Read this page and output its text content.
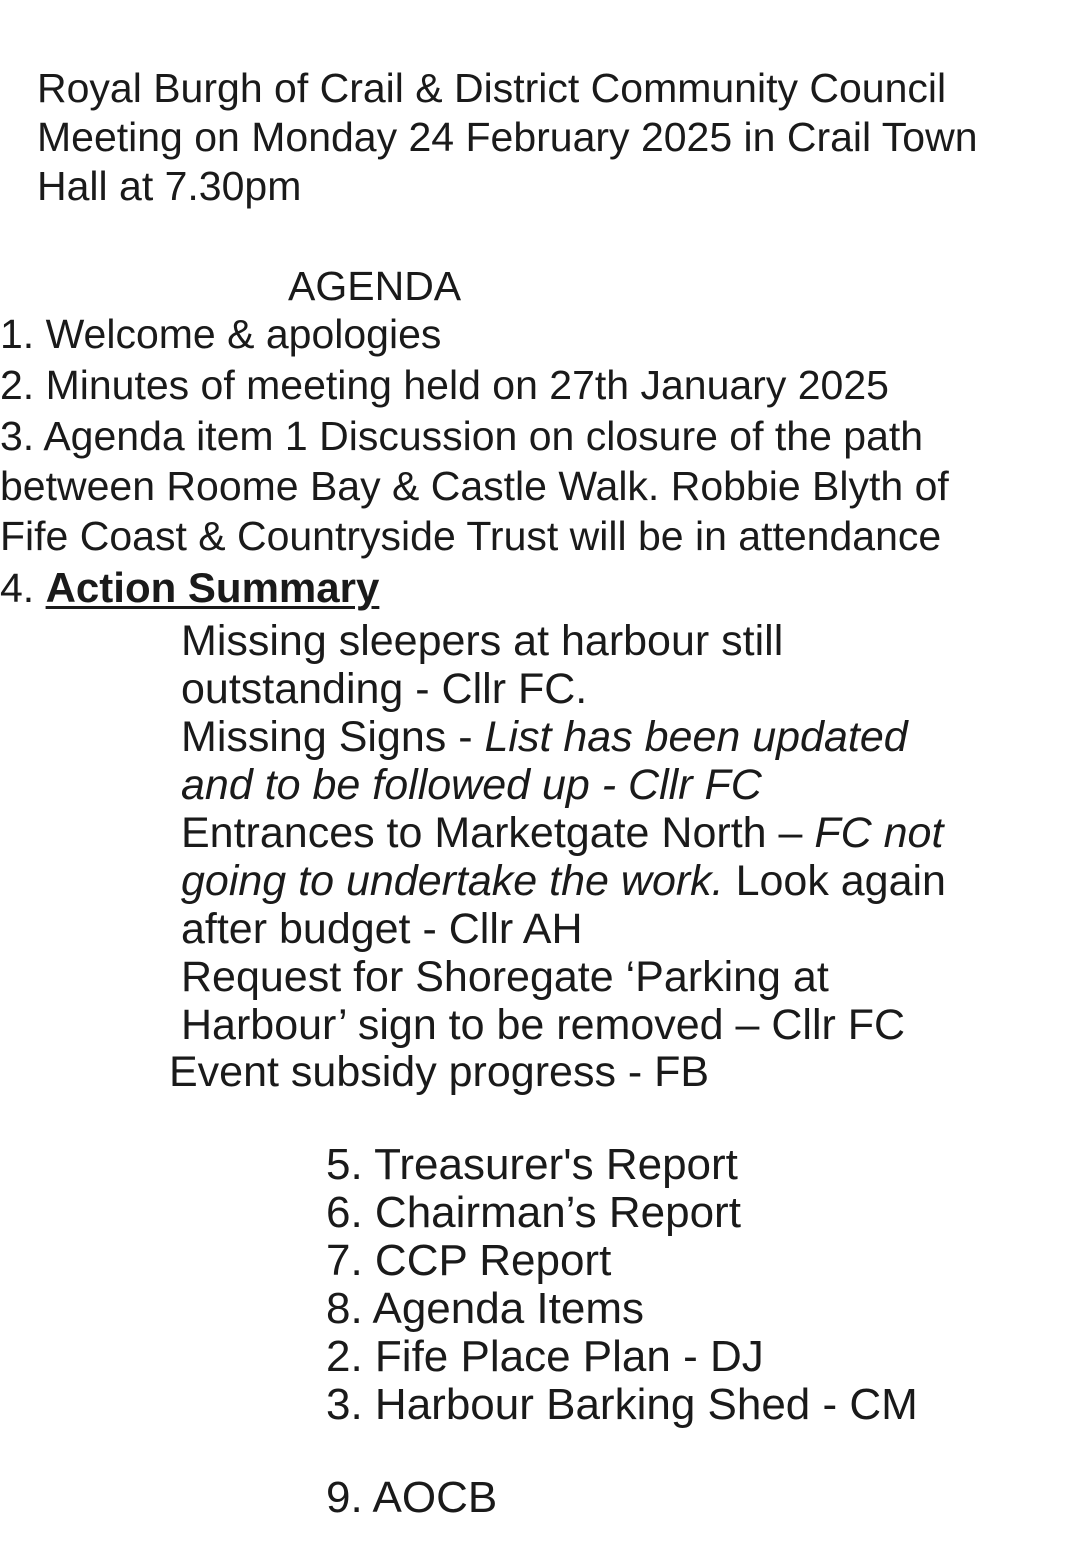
Royal Burgh of Crail & District Community Council
Meeting on Monday 24 February 2025 in Crail Town
Hall at 7.30pm
AGENDA
1. Welcome & apologies
2. Minutes of meeting held on 27th January 2025
3. Agenda item 1 Discussion on closure of the path
between Roome Bay & Castle Walk. Robbie Blyth of
Fife Coast & Countryside Trust will be in attendance
4. Action Summary
Missing sleepers at harbour still
outstanding - Cllr FC.
Missing Signs - List has been updated
and to be followed up - Cllr FC
Entrances to Marketgate North – FC not
going to undertake the work. Look again
after budget - Cllr AH
Request for Shoregate ‘Parking at
Harbour’ sign to be removed – Cllr FC
Event subsidy progress - FB
5. Treasurer's Report
6. Chairman’s Report
7. CCP Report
8. Agenda Items
2. Fife Place Plan - DJ
3. Harbour Barking Shed - CM
9. AOCB
